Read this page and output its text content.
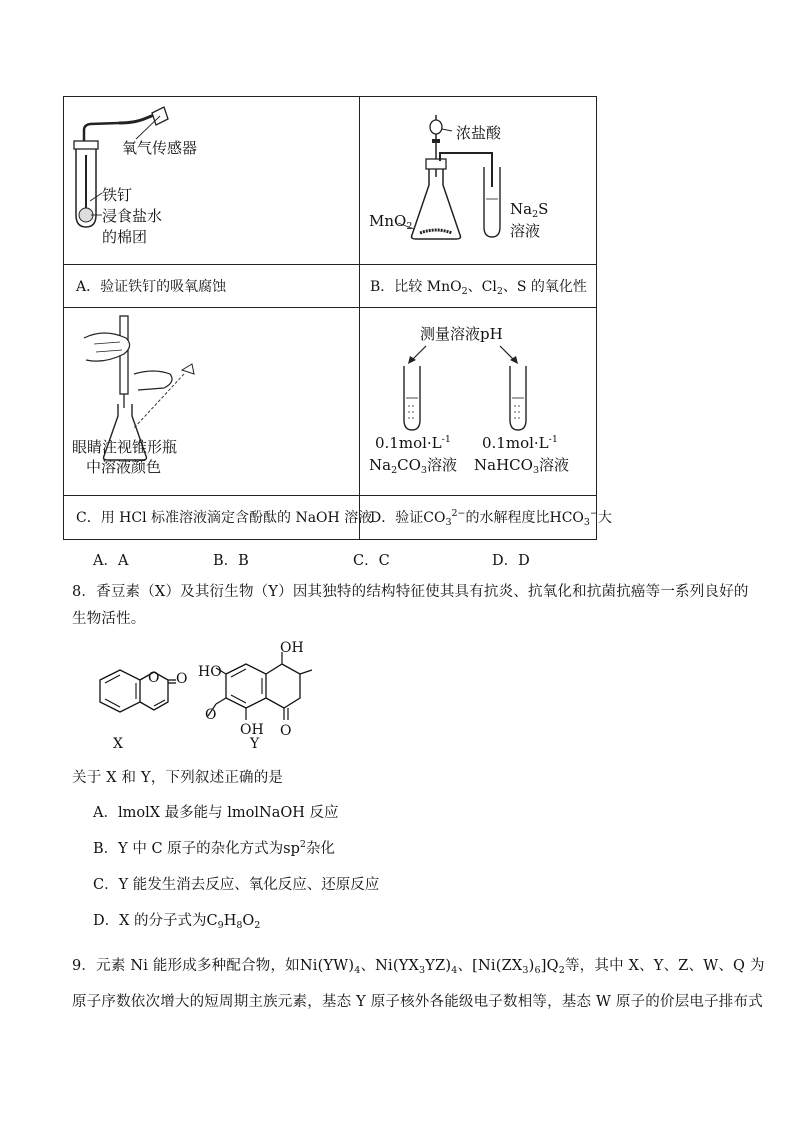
氧气传感器
铁钉
浸食盐水
的棉团
浓盐酸
$Na_2S$
溶液
MnO$_2$
A．验证铁钉的吸氧腐蚀	B．比较 MnO$_2$、$Cl_2$、S 的氧化性
眼睛注视锥形瓶
中溶液颜色
测量溶液pH
$0.1mol\cdot L^{-1}$ $0.1mol\cdot L^{-1}$
$Na_2CO_3$溶液 NaHCO$_3$溶液
C．用 HCl 标准溶液滴定含酚酞的 NaOH 溶液
D．验证$CO_3^{2-}$的水解程度比$HCO_3^-$大
A．A	B．B	C．C	D．D
8．香豆素（X）及其衍生物（Y）因其独特的结构特征使其具有抗炎、抗氧化和抗菌抗癌等一系列良好的
生物活性。
O O
X
OH
HO
O
OH O
Y
关于 X 和 Y，下列叙述正确的是
A．lmolX 最多能与 lmolNaOH 反应
B．Y 中 C 原子的杂化方式为$sp^2$杂化
C．Y 能发生消去反应、氧化反应、还原反应
D．X 的分子式为$C_9H_8O_2$
9．元素 Ni 能形成多种配合物，如$Ni(YW)_4$、$Ni(YX_3YZ)_4$、$[Ni(ZX_3)_6]Q_2$等，其中 X、Y、Z、W、Q 为
原子序数依次增大的短周期主族元素，基态 Y 原子核外各能级电子数相等，基态 W 原子的价层电子排布式
